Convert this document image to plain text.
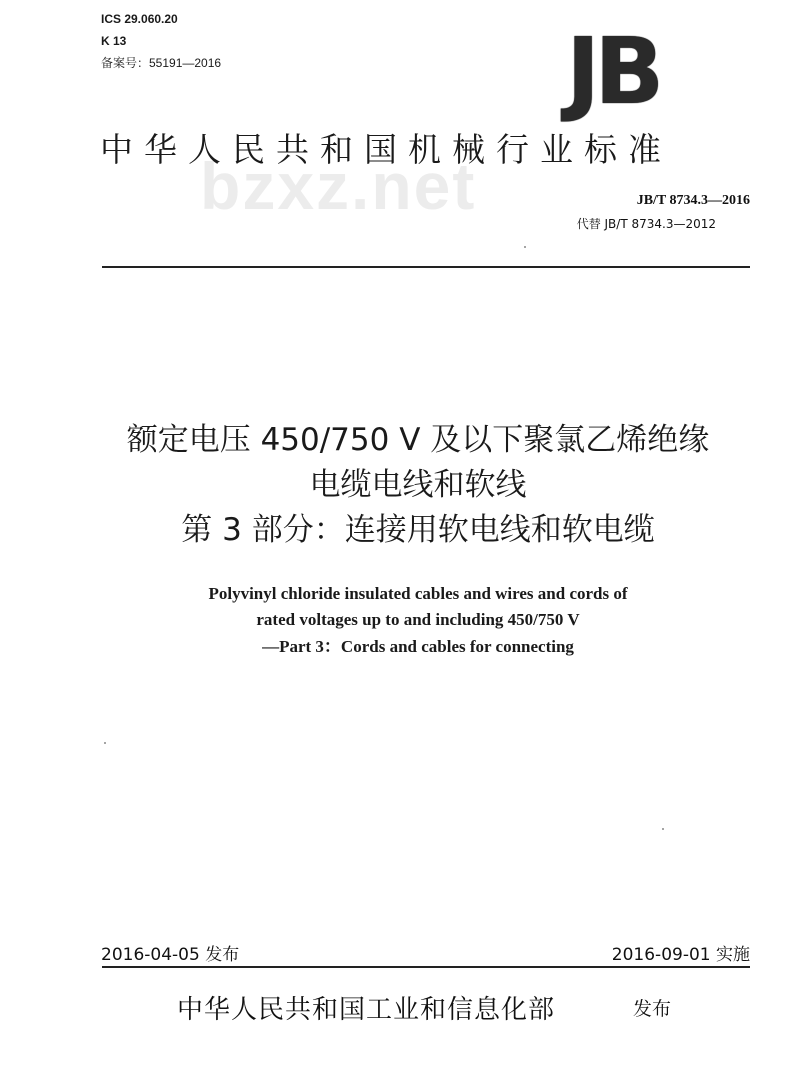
ICS 29.060.20
K 13
备案号：55191—2016	JB
bzxz.net
中华人民共和国机械行业标准
JB/T 8734.3—2016
代替 JB/T 8734.3—2012
额定电压 450/750 V 及以下聚氯乙烯绝缘
电缆电线和软线
第 3 部分：连接用软电线和软电缆
Polyvinyl chloride insulated cables and wires and cords of
rated voltages up to and including 450/750 V
—Part 3：Cords and cables for connecting
2016-04-05 发布	2016-09-01 实施
中华人民共和国工业和信息化部	发布
